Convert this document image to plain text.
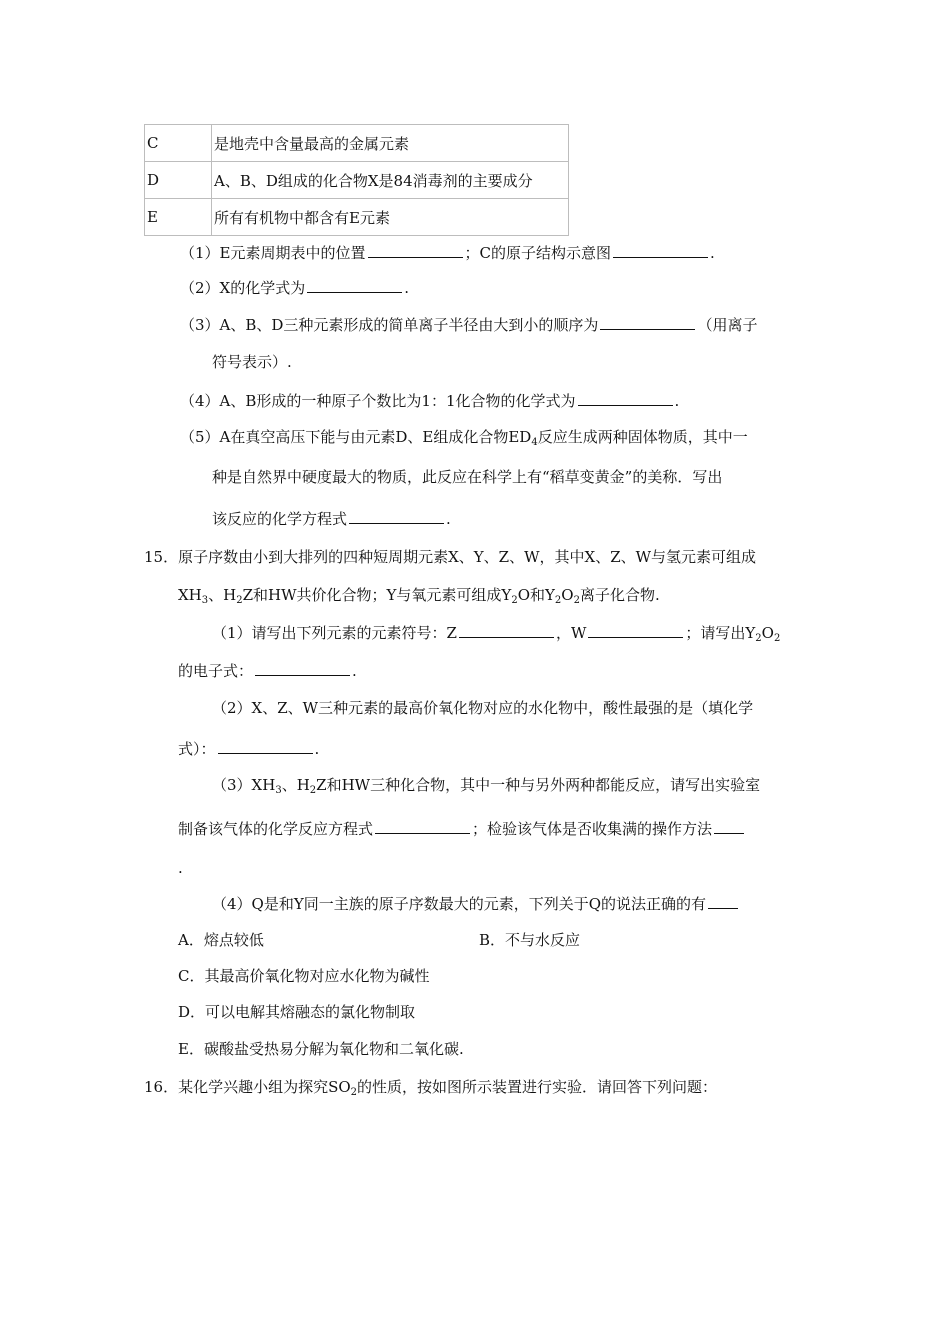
C	是地壳中含量最高的金属元素
D	A、B、D组成的化合物X是84消毒剂的主要成分
E	所有有机物中都含有E元素
（1）E元素周期表中的位置	；C的原子结构示意图	.
（2）X的化学式为	.
（3）A、B、D三种元素形成的简单离子半径由大到小的顺序为	（用离子
符号表示）.
（4）A、B形成的一种原子个数比为1：1化合物的化学式为	.
（5）A在真空高压下能与由元素D、E组成化合物$ED_4$反应生成两种固体物质，其中一
种是自然界中硬度最大的物质，此反应在科学上有“稻草变黄金”的美称．写出
该反应的化学方程式	.
15．原子序数由小到大排列的四种短周期元素X、Y、Z、W，其中X、Z、W与氢元素可组成
$XH_3$、$H_2Z$和HW共价化合物；Y与氧元素可组成$Y_2O$和$Y_2O_2$离子化合物.
（1）请写出下列元素的元素符号：Z	，W	；请写出$Y_2O_2$
的电子式：	.
（2）X、Z、W三种元素的最高价氧化物对应的水化物中，酸性最强的是（填化学
式）：	.
$(3)XH_3$、$H_2Z$和HW三种化合物，其中一种与另外两种都能反应，请写出实验室
制备该气体的化学反应方程式	；检验该气体是否收集满的操作方法
.
（4）Q是和Y同一主族的原子序数最大的元素，下列关于Q的说法正确的有
A．熔点较低	B．不与水反应
C．其最高价氧化物对应水化物为碱性
D．可以电解其熔融态的氯化物制取
E．碳酸盐受热易分解为氧化物和二氧化碳.
16．某化学兴趣小组为探究$SO_2$的性质，按如图所示装置进行实验．请回答下列问题：
